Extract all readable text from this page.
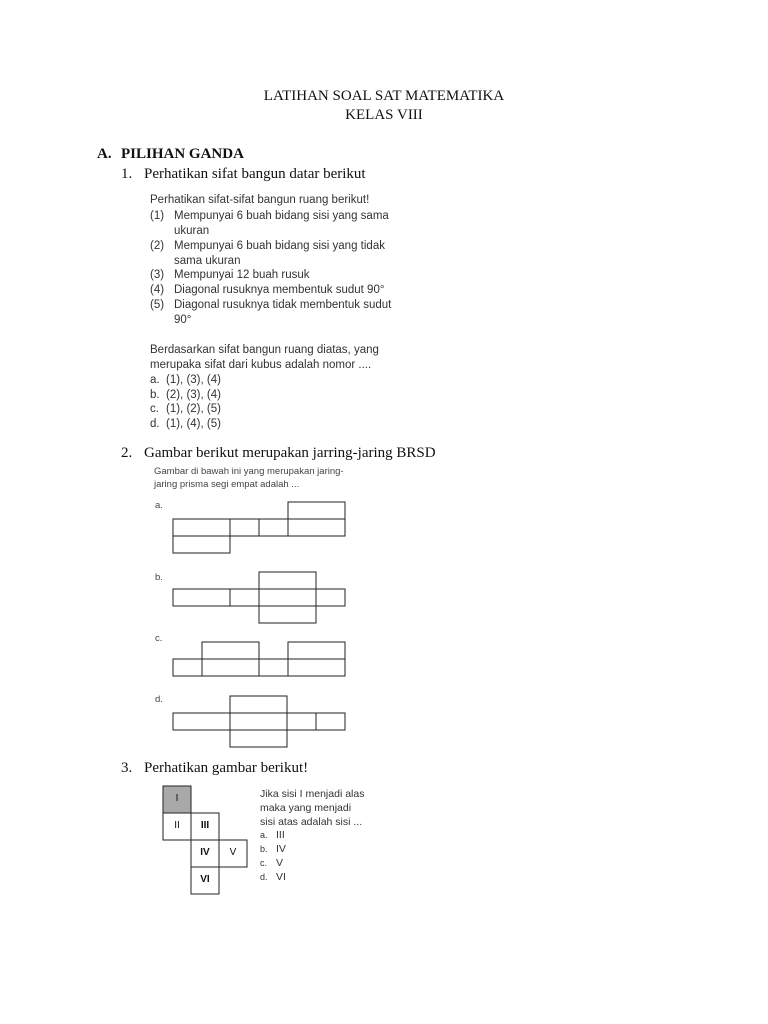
LATIHAN SOAL SAT MATEMATIKA
KELAS VIII
A. PILIHAN GANDA
1. Perhatikan sifat bangun datar berikut
Perhatikan sifat-sifat bangun ruang berikut!
(1) Mempunyai 6 buah bidang sisi yang sama
ukuran
(2) Mempunyai 6 buah bidang sisi yang tidak
sama ukuran
(3) Mempunyai 12 buah rusuk
(4) Diagonal rusuknya membentuk sudut 90°
(5) Diagonal rusuknya tidak membentuk sudut
90°
Berdasarkan sifat bangun ruang diatas, yang
merupaka sifat dari kubus adalah nomor ....
a. (1), (3), (4)
b. (2), (3), (4)
c. (1), (2), (5)
d. (1), (4), (5)
2. Gambar berikut merupakan jarring-jaring BRSD
Gambar di bawah ini yang merupakan jaring-
jaring prisma segi empat adalah ...
a.
b.
c.
d.
3. Perhatikan gambar berikut!
I
II	III
IV	V
VI
Jika sisi I menjadi alas
maka yang menjadi
sisi atas adalah sisi ...
a. III
b. IV
c. V
d. VI
